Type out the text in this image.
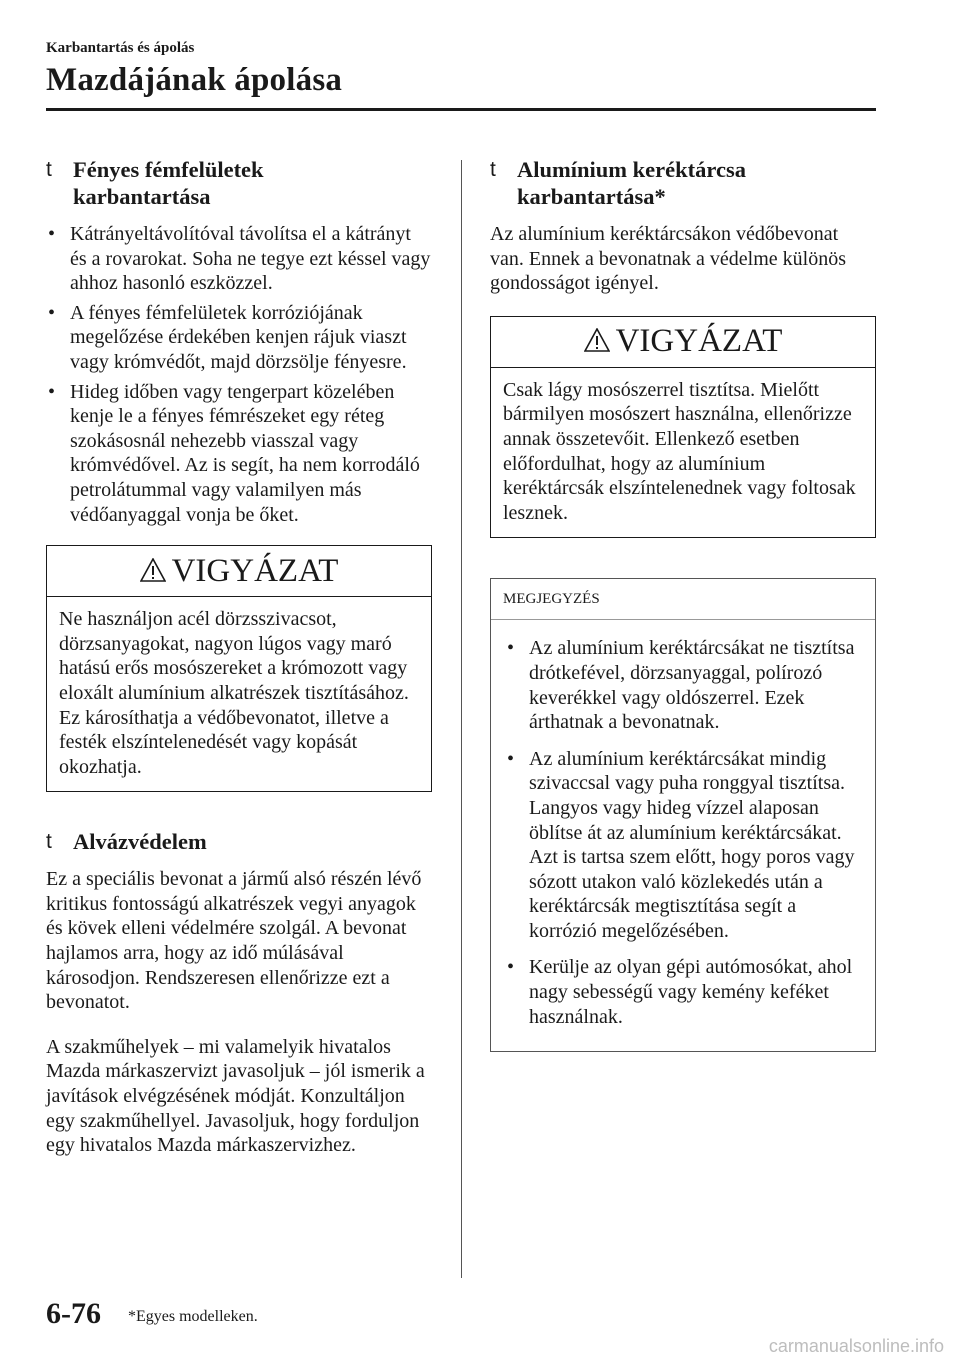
Karbantartás és ápolás
Mazdájának ápolása
t Fényes fémfelületek
karbantartása
• Kátrányeltávolítóval távolítsa el a kátrányt és a rovarokat. Soha ne tegye ezt késsel vagy ahhoz hasonló eszközzel.
• A fényes fémfelületek korróziójának megelőzése érdekében kenjen rájuk viaszt vagy krómvédőt, majd dörzsölje fényesre.
• Hideg időben vagy tengerpart közelében kenje le a fényes fémrészeket egy réteg szokásosnál nehezebb viasszal vagy krómvédővel. Az is segít, ha nem korrodáló petrolátummal vagy valamilyen más védőanyaggal vonja be őket.
VIGYÁZAT
Ne használjon acél dörzsszivacsot, dörzsanyagokat, nagyon lúgos vagy maró hatású erős mosószereket a krómozott vagy eloxált alumínium alkatrészek tisztításához. Ez károsíthatja a védőbevonatot, illetve a festék elszíntelenedését vagy kopását okozhatja.
t Alvázvédelem

Ez a speciális bevonat a jármű alsó részén lévő kritikus fontosságú alkatrészek vegyi anyagok és kövek elleni védelmére szolgál. A bevonat hajlamos arra, hogy az idő múlásával károsodjon. Rendszeresen ellenőrizze ezt a bevonatot.

A szakműhelyek – mi valamelyik hivatalos Mazda márkaszervizt javasoljuk – jól ismerik a javítások elvégzésének módját. Konzultáljon egy szakműhellyel. Javasoljuk, hogy forduljon egy hivatalos Mazda márkaszervizhez.

t Alumínium keréktárcsa
karbantartása*

Az alumínium keréktárcsákon védőbevonat van. Ennek a bevonatnak a védelme különös gondosságot igényel.

VIGYÁZAT
Csak lágy mosószerrel tisztítsa. Mielőtt bármilyen mosószert használna, ellenőrizze annak összetevőit. Ellenkező esetben előfordulhat, hogy az alumínium keréktárcsák elszíntelenednek vagy foltosak lesznek.
MEGJEGYZÉS
• Az alumínium keréktárcsákat ne tisztítsa drótkefével, dörzsanyaggal, polírozó keverékkel vagy oldószerrel. Ezek árthatnak a bevonatnak.
• Az alumínium keréktárcsákat mindig szivaccsal vagy puha ronggyal tisztítsa. Langyos vagy hideg vízzel alaposan öblítse át az alumínium keréktárcsákat. Azt is tartsa szem előtt, hogy poros vagy sózott utakon való közlekedés után a keréktárcsák megtisztítása segít a korrózió megelőzésében.
• Kerülje az olyan gépi autómosókat, ahol nagy sebességű vagy kemény keféket használnak.
6-76 *Egyes modelleken.
carmanualsonline.info
